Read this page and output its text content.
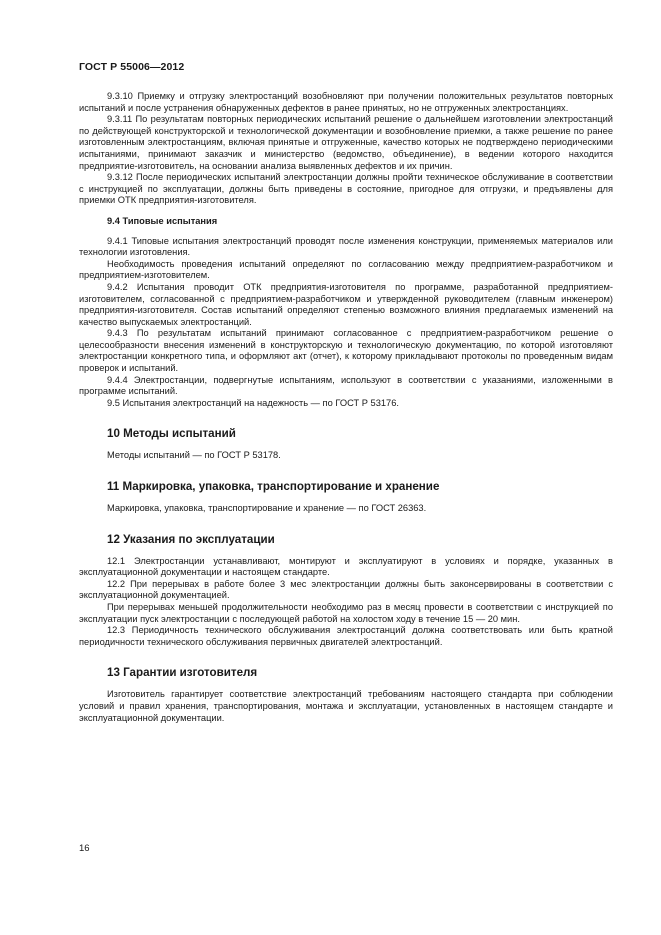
ГОСТ Р 55006—2012

9.3.10 Приемку и отгрузку электростанций возобновляют при получении положительных результатов повторных испытаний и после устранения обнаруженных дефектов в ранее принятых, но не отгруженных электростанциях.

9.3.11 По результатам повторных периодических испытаний решение о дальнейшем изготовлении электростанций по действующей конструкторской и технологической документации и возобновление приемки, а также решение по ранее изготовленным электростанциям, включая принятые и отгруженные, качество которых не подтверждено периодическими испытаниями, принимают заказчик и министерство (ведомство, объединение), в ведении которого находится предприятие-изготовитель, на основании анализа выявленных дефектов и их причин.

9.3.12 После периодических испытаний электростанции должны пройти техническое обслуживание в соответствии с инструкцией по эксплуатации, должны быть приведены в состояние, пригодное для отгрузки, и предъявлены для приемки ОТК предприятия-изготовителя.

9.4 Типовые испытания

9.4.1 Типовые испытания электростанций проводят после изменения конструкции, применяемых материалов или технологии изготовления.

Необходимость проведения испытаний определяют по согласованию между предприятием-разработчиком и предприятием-изготовителем.

9.4.2 Испытания проводит ОТК предприятия-изготовителя по программе, разработанной предприятием-изготовителем, согласованной с предприятием-разработчиком и утвержденной руководителем (главным инженером) предприятия-изготовителя. Состав испытаний определяют степенью возможного влияния предлагаемых изменений на качество выпускаемых электростанций.

9.4.3 По результатам испытаний принимают согласованное с предприятием-разработчиком решение о целесообразности внесения изменений в конструкторскую и технологическую документацию, по которой изготовляют электростанции конкретного типа, и оформляют акт (отчет), к которому прикладывают протоколы по проведенным видам проверок и испытаний.

9.4.4 Электростанции, подвергнутые испытаниям, используют в соответствии с указаниями, изложенными в программе испытаний.

9.5 Испытания электростанций на надежность — по ГОСТ Р 53176.

10 Методы испытаний

Методы испытаний — по ГОСТ Р 53178.

11 Маркировка, упаковка, транспортирование и хранение

Маркировка, упаковка, транспортирование и хранение — по ГОСТ 26363.

12 Указания по эксплуатации

12.1 Электростанции устанавливают, монтируют и эксплуатируют в условиях и порядке, указанных в эксплуатационной документации и настоящем стандарте.

12.2 При перерывах в работе более 3 мес электростанции должны быть законсервированы в соответствии с эксплуатационной документацией.

При перерывах меньшей продолжительности необходимо раз в месяц провести в соответствии с инструкцией по эксплуатации пуск электростанции с последующей работой на холостом ходу в течение 15 — 20 мин.

12.3 Периодичность технического обслуживания электростанций должна соответствовать или быть кратной периодичности технического обслуживания первичных двигателей электростанций.

13 Гарантии изготовителя

Изготовитель гарантирует соответствие электростанций требованиям настоящего стандарта при соблюдении условий и правил хранения, транспортирования, монтажа и эксплуатации, установленных в настоящем стандарте и эксплуатационной документации.

16
